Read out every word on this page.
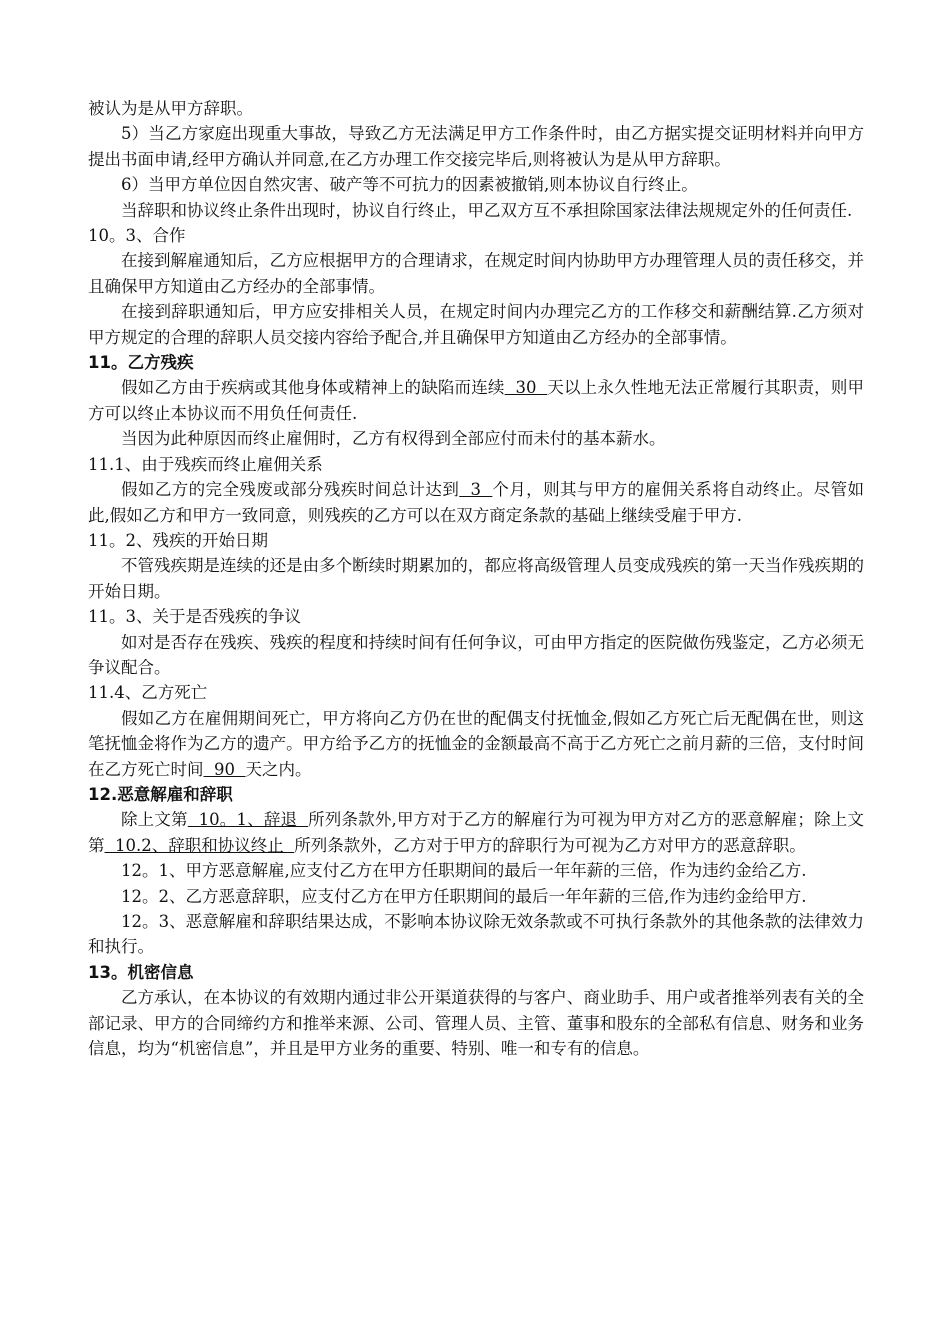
被认为是从甲方辞职。

5）当乙方家庭出现重大事故，导致乙方无法满足甲方工作条件时，由乙方据实提交证明材料并向甲方提出书面申请,经甲方确认并同意,在乙方办理工作交接完毕后,则将被认为是从甲方辞职。

6）当甲方单位因自然灾害、破产等不可抗力的因素被撤销,则本协议自行终止。

当辞职和协议终止条件出现时，协议自行终止，甲乙双方互不承担除国家法律法规规定外的任何责任.

10。3、合作

在接到解雇通知后，乙方应根据甲方的合理请求，在规定时间内协助甲方办理管理人员的责任移交，并且确保甲方知道由乙方经办的全部事情。

在接到辞职通知后，甲方应安排相关人员，在规定时间内办理完乙方的工作移交和薪酬结算.乙方须对甲方规定的合理的辞职人员交接内容给予配合,并且确保甲方知道由乙方经办的全部事情。

11。乙方残疾

假如乙方由于疾病或其他身体或精神上的缺陷而连续  30  天以上永久性地无法正常履行其职责，则甲方可以终止本协议而不用负任何责任.

当因为此种原因而终止雇佣时，乙方有权得到全部应付而未付的基本薪水。

11.1、由于残疾而终止雇佣关系

假如乙方的完全残废或部分残疾时间总计达到  3  个月，则其与甲方的雇佣关系将自动终止。尽管如此,假如乙方和甲方一致同意，则残疾的乙方可以在双方商定条款的基础上继续受雇于甲方.

11。2、残疾的开始日期

不管残疾期是连续的还是由多个断续时期累加的，都应将高级管理人员变成残疾的第一天当作残疾期的开始日期。

11。3、关于是否残疾的争议

如对是否存在残疾、残疾的程度和持续时间有任何争议，可由甲方指定的医院做伤残鉴定，乙方必须无争议配合。

11.4、乙方死亡

假如乙方在雇佣期间死亡，甲方将向乙方仍在世的配偶支付抚恤金,假如乙方死亡后无配偶在世，则这笔抚恤金将作为乙方的遗产。甲方给予乙方的抚恤金的金额最高不高于乙方死亡之前月薪的三倍，支付时间在乙方死亡时间  90  天之内。

12.恶意解雇和辞职

除上文第  10。1、辞退  所列条款外,甲方对于乙方的解雇行为可视为甲方对乙方的恶意解雇；除上文第  10.2、辞职和协议终止  所列条款外，乙方对于甲方的辞职行为可视为乙方对甲方的恶意辞职。

12。1、甲方恶意解雇,应支付乙方在甲方任职期间的最后一年年薪的三倍，作为违约金给乙方.

12。2、乙方恶意辞职，应支付乙方在甲方任职期间的最后一年年薪的三倍,作为违约金给甲方.

12。3、恶意解雇和辞职结果达成，不影响本协议除无效条款或不可执行条款外的其他条款的法律效力和执行。

13。机密信息

乙方承认，在本协议的有效期内通过非公开渠道获得的与客户、商业助手、用户或者推举列表有关的全部记录、甲方的合同缔约方和推举来源、公司、管理人员、主管、董事和股东的全部私有信息、财务和业务信息，均为“机密信息”，并且是甲方业务的重要、特别、唯一和专有的信息。
